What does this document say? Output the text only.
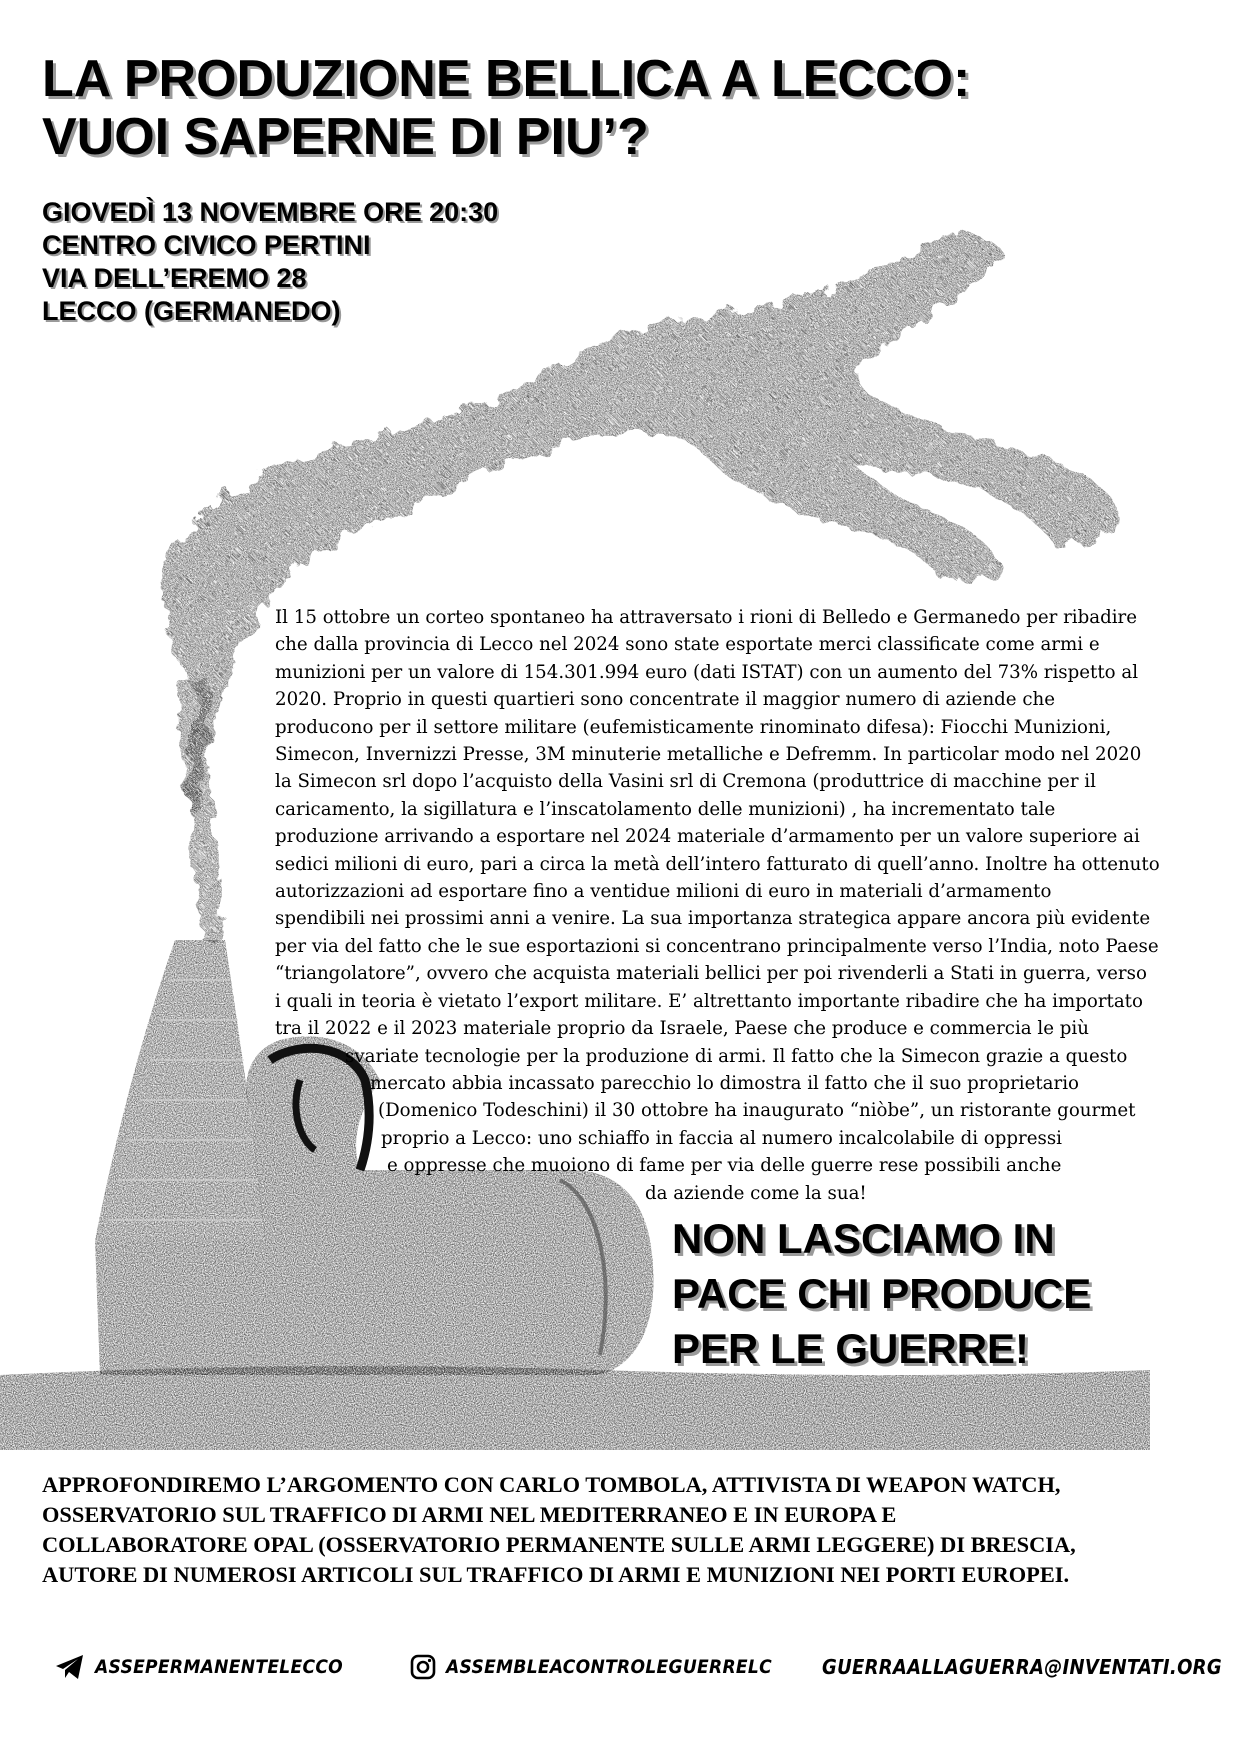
LA PRODUZIONE BELLICA A LECCO:
VUOI SAPERNE DI PIU’?
GIOVEDÌ 13 NOVEMBRE ORE 20:30
CENTRO CIVICO PERTINI
VIA DELL’EREMO 28
LECCO (GERMANEDO)
Il 15 ottobre un corteo spontaneo ha attraversato i rioni di Belledo e Germanedo per ribadire
che dalla provincia di Lecco nel 2024 sono state esportate merci classificate come armi e
munizioni per un valore di 154.301.994 euro (dati ISTAT) con un aumento del 73% rispetto al
2020. Proprio in questi quartieri sono concentrate il maggior numero di aziende che
producono per il settore militare (eufemisticamente rinominato difesa): Fiocchi Munizioni,
Simecon, Invernizzi Presse, 3M minuterie metalliche e Defremm. In particolar modo nel 2020
la Simecon srl dopo l’acquisto della Vasini srl di Cremona (produttrice di macchine per il
caricamento, la sigillatura e l’inscatolamento delle munizioni) , ha incrementato tale
produzione arrivando a esportare nel 2024 materiale d’armamento per un valore superiore ai
sedici milioni di euro, pari a circa la metà dell’intero fatturato di quell’anno. Inoltre ha ottenuto
autorizzazioni ad esportare fino a ventidue milioni di euro in materiali d’armamento
spendibili nei prossimi anni a venire. La sua importanza strategica appare ancora più evidente
per via del fatto che le sue esportazioni si concentrano principalmente verso l’India, noto Paese
“triangolatore”, ovvero che acquista materiali bellici per poi rivenderli a Stati in guerra, verso
i quali in teoria è vietato l’export militare. E’ altrettanto importante ribadire che ha importato
tra il 2022 e il 2023 materiale proprio da Israele, Paese che produce e commercia le più
svariate tecnologie per la produzione di armi. Il fatto che la Simecon grazie a questo
mercato abbia incassato parecchio lo dimostra il fatto che il suo proprietario
(Domenico Todeschini) il 30 ottobre ha inaugurato “niòbe”, un ristorante gourmet
proprio a Lecco: uno schiaffo in faccia al numero incalcolabile di oppressi
e oppresse che muoiono di fame per via delle guerre rese possibili anche
da aziende come la sua!
NON LASCIAMO IN
PACE CHI PRODUCE
PER LE GUERRE!
APPROFONDIREMO L’ARGOMENTO CON CARLO TOMBOLA, ATTIVISTA DI WEAPON WATCH,
OSSERVATORIO SUL TRAFFICO DI ARMI NEL MEDITERRANEO E IN EUROPA E
COLLABORATORE OPAL (OSSERVATORIO PERMANENTE SULLE ARMI LEGGERE) DI BRESCIA,
AUTORE DI NUMEROSI ARTICOLI SUL TRAFFICO DI ARMI E MUNIZIONI NEI PORTI EUROPEI.
ASSEPERMANENTELECCO	ASSEMBLEACONTROLEGUERRELC	GUERRAALLAGUERRA@INVENTATI.ORG
